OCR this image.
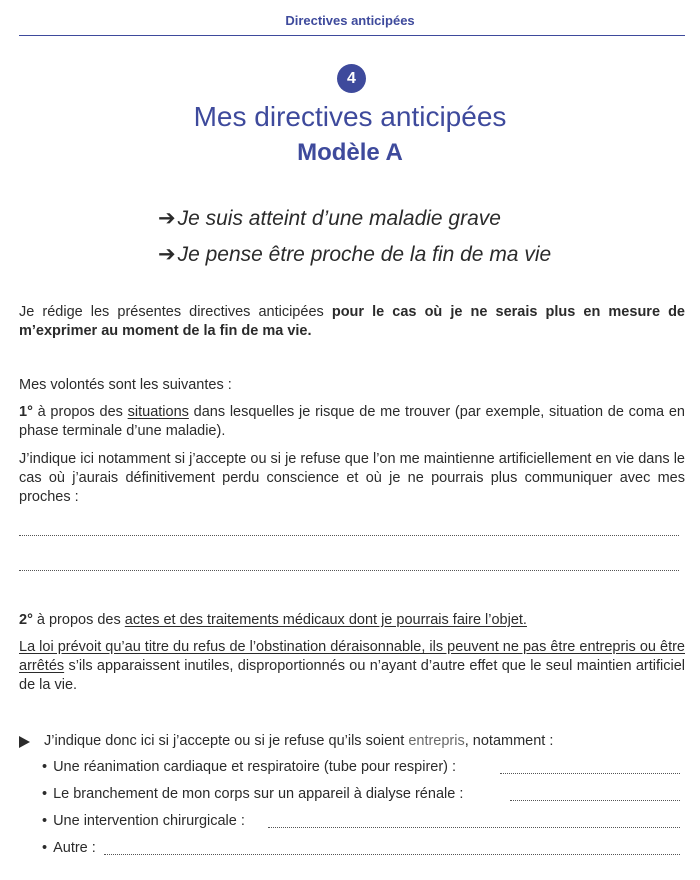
Directives anticipées
4
Mes directives anticipées
Modèle A
➔Je suis atteint d’une maladie grave
➔Je pense être proche de la fin de ma vie
Je rédige les présentes directives anticipées pour le cas où je ne serais plus en mesure de m’exprimer au moment de la fin de ma vie.
Mes volontés sont les suivantes :
1° à propos des situations dans lesquelles je risque de me trouver (par exemple, situation de coma en phase terminale d’une maladie).
J’indique ici notamment si j’accepte ou si je refuse que l’on me maintienne artificiellement en vie dans le cas où j’aurais définitivement perdu conscience et où je ne pourrais plus communiquer avec mes proches :
2° à propos des actes et des traitements médicaux dont je pourrais faire l’objet.
La loi prévoit qu’au titre du refus de l’obstination déraisonnable, ils peuvent ne pas être entrepris ou être arrêtés s’ils apparaissent inutiles, disproportionnés ou n’ayant d’autre effet que le seul maintien artificiel de la vie.
J’indique donc ici si j’accepte ou si je refuse qu’ils soient entrepris, notamment :
• Une réanimation cardiaque et respiratoire (tube pour respirer) :
• Le branchement de mon corps sur un appareil à dialyse rénale :
• Une intervention chirurgicale :
• Autre :
